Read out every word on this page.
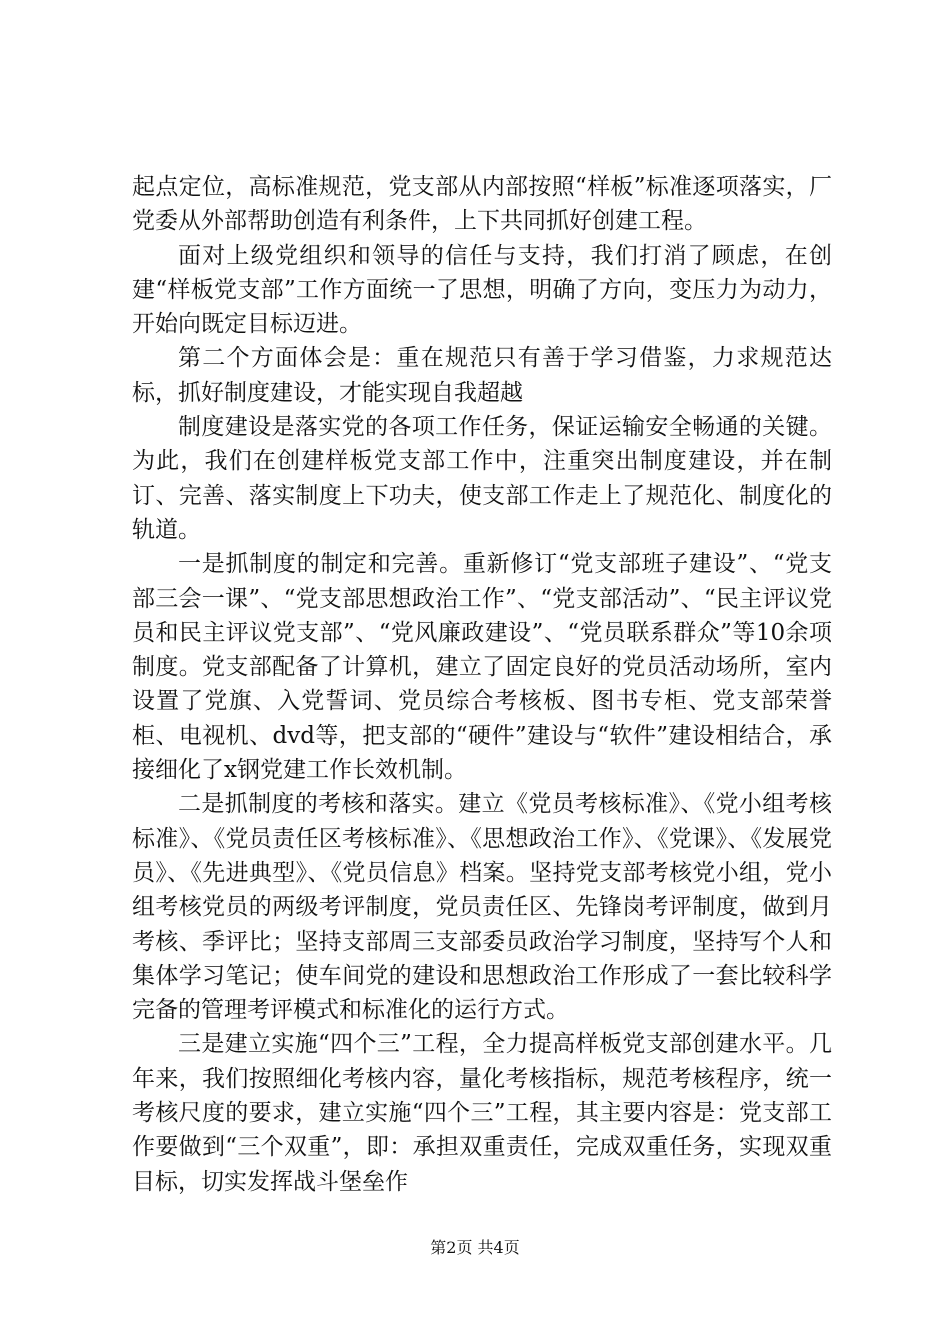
起点定位，高标准规范，党支部从内部按照“样板”标准逐项落实，厂党委从外部帮助创造有利条件，上下共同抓好创建工程。

面对上级党组织和领导的信任与支持，我们打消了顾虑，在创建“样板党支部”工作方面统一了思想，明确了方向，变压力为动力，开始向既定目标迈进。

第二个方面体会是：重在规范只有善于学习借鉴，力求规范达标，抓好制度建设，才能实现自我超越

制度建设是落实党的各项工作任务，保证运输安全畅通的关键。为此，我们在创建样板党支部工作中，注重突出制度建设，并在制订、完善、落实制度上下功夫，使支部工作走上了规范化、制度化的轨道。

一是抓制度的制定和完善。重新修订“党支部班子建设”、“党支部三会一课”、“党支部思想政治工作”、“党支部活动”、“民主评议党员和民主评议党支部”、“党风廉政建设”、“党员联系群众”等10余项制度。党支部配备了计算机，建立了固定良好的党员活动场所，室内设置了党旗、入党誓词、党员综合考核板、图书专柜、党支部荣誉柜、电视机、dvd等，把支部的“硬件”建设与“软件”建设相结合，承接细化了x钢党建工作长效机制。

二是抓制度的考核和落实。建立《党员考核标准》、《党小组考核标准》、《党员责任区考核标准》、《思想政治工作》、《党课》、《发展党员》、《先进典型》、《党员信息》档案。坚持党支部考核党小组，党小组考核党员的两级考评制度，党员责任区、先锋岗考评制度，做到月考核、季评比；坚持支部周三支部委员政治学习制度，坚持写个人和集体学习笔记；使车间党的建设和思想政治工作形成了一套比较科学完备的管理考评模式和标准化的运行方式。

三是建立实施“四个三”工程，全力提高样板党支部创建水平。几年来，我们按照细化考核内容，量化考核指标，规范考核程序，统一考核尺度的要求，建立实施“四个三”工程，其主要内容是：党支部工作要做到“三个双重”，即：承担双重责任，完成双重任务，实现双重目标，切实发挥战斗堡垒作

第2页 共4页
